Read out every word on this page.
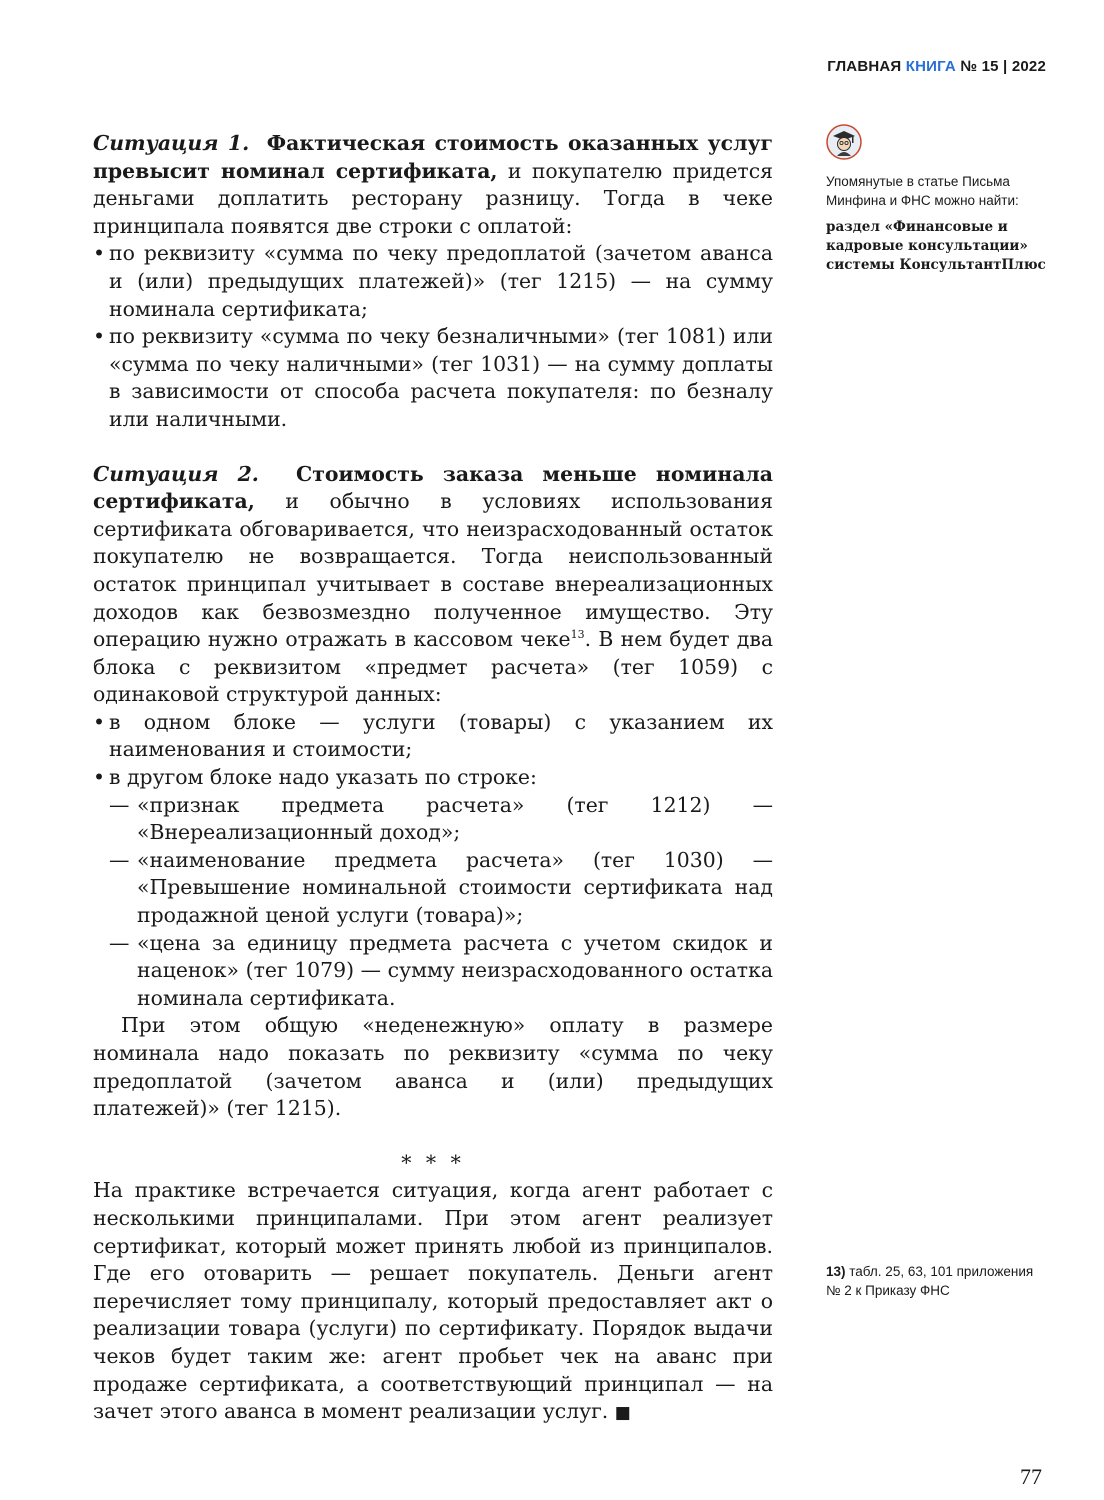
ГЛАВНАЯ КНИГА № 15 | 2022

Ситуация 1. Фактическая стоимость оказанных услуг превысит номинал сертификата, и покупателю придется деньгами доплатить ресторану разницу. Тогда в чеке принципала появятся две строки с оплатой:

• по реквизиту «сумма по чеку предоплатой (зачетом аванса и (или) предыдущих платежей)» (тег 1215) — на сумму номинала сертификата;
• по реквизиту «сумма по чеку безналичными» (тег 1081) или «сумма по чеку наличными» (тег 1031) — на сумму доплаты в зависимости от способа расчета покупателя: по безналу или наличными.

Ситуация 2. Стоимость заказа меньше номинала сертификата, и обычно в условиях использования сертификата обговаривается, что неизрасходованный остаток покупателю не возвращается. Тогда неиспользованный остаток принципал учитывает в составе внереализационных доходов как безвозмездно полученное имущество. Эту операцию нужно отражать в кассовом чеке$^{13}$. В нем будет два блока с реквизитом «предмет расчета» (тег 1059) с одинаковой структурой данных:

• в одном блоке — услуги (товары) с указанием их наименования и стоимости;
• в другом блоке надо указать по строке:
— «признак предмета расчета» (тег 1212) — «Внереализационный доход»;
— «наименование предмета расчета» (тег 1030) — «Превышение номинальной стоимости сертификата над продажной ценой услуги (товара)»;
— «цена за единицу предмета расчета с учетом скидок и наценок» (тег 1079) — сумму неизрасходованного остатка номинала сертификата.

При этом общую «неденежную» оплату в размере номинала надо показать по реквизиту «сумма по чеку предоплатой (зачетом аванса и (или) предыдущих платежей)» (тег 1215).

* * *

На практике встречается ситуация, когда агент работает с несколькими принципалами. При этом агент реализует сертификат, который может принять любой из принципалов. Где его отоварить — решает покупатель. Деньги агент перечисляет тому принципалу, который предоставляет акт о реализации товара (услуги) по сертификату. Порядок выдачи чеков будет таким же: агент пробьет чек на аванс при продаже сертификата, а соответствующий принципал — на зачет этого аванса в момент реализации услуг. ■

Упомянутые в статье Письма Минфина и ФНС можно найти:
раздел «Финансовые и кадровые консультации» системы КонсультантПлюс
13) табл. 25, 63, 101 приложения № 2 к Приказу ФНС
77
